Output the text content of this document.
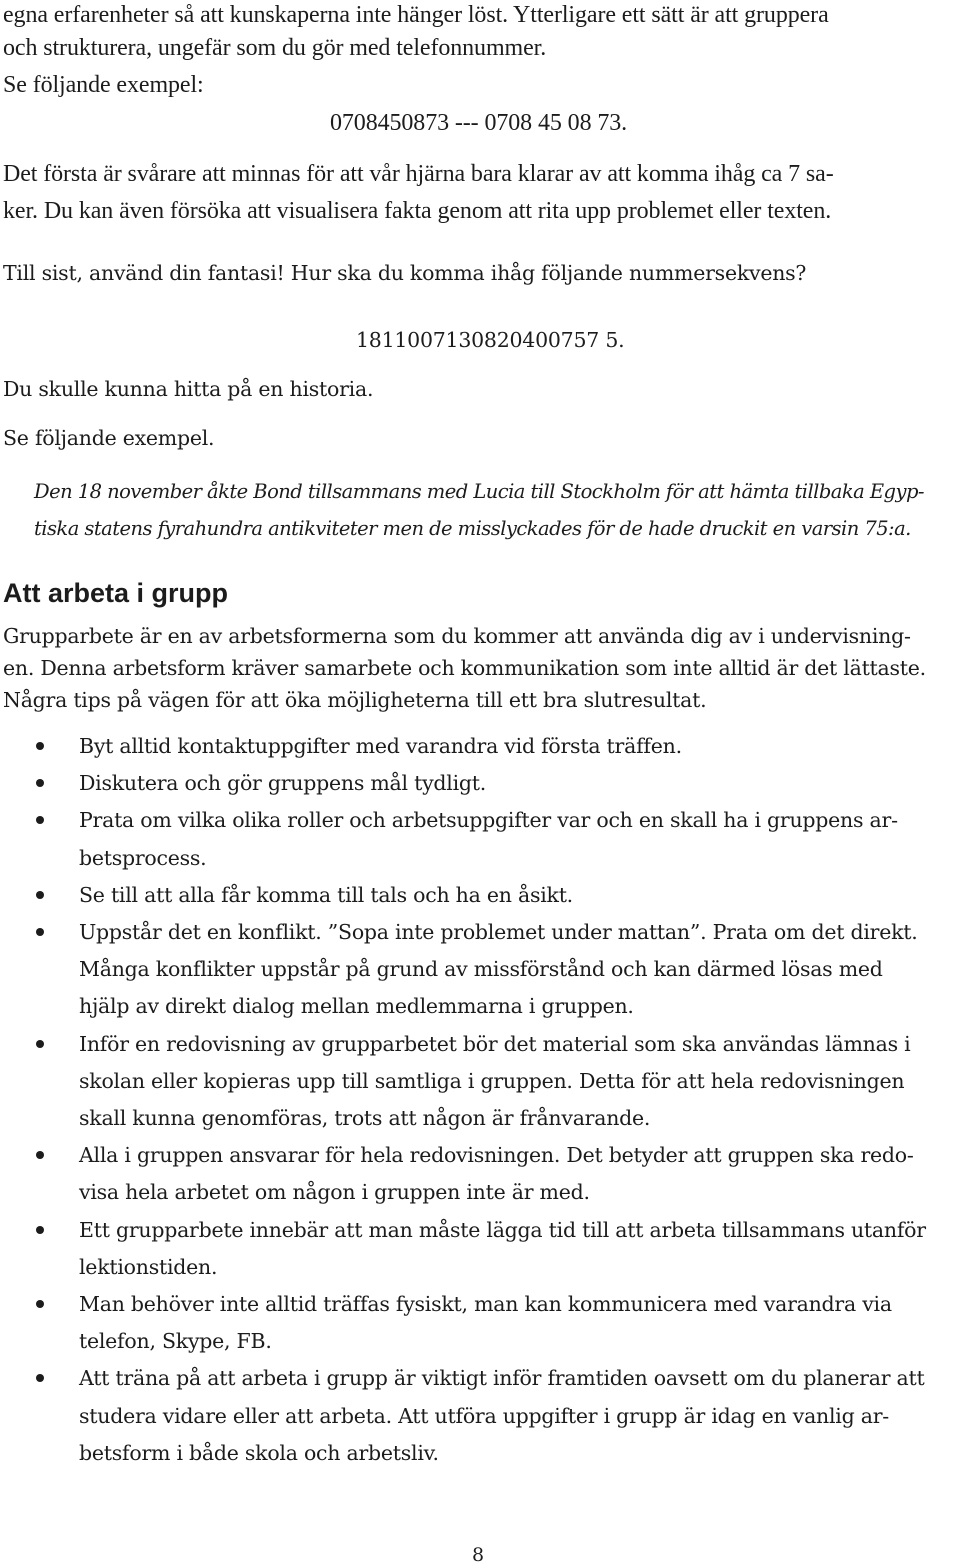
egna erfarenheter så att kunskaperna inte hänger löst. Ytterligare ett sätt är att gruppera
och strukturera, ungefär som du gör med telefonnummer.
Se följande exempel:
0708450873 --- 0708 45 08 73.
Det första är svårare att minnas för att vår hjärna bara klarar av att komma ihåg ca 7 sa-
ker. Du kan även försöka att visualisera fakta genom att rita upp problemet eller texten.
Till sist, använd din fantasi! Hur ska du komma ihåg följande nummersekvens?
1811007130820400757 5.
Du skulle kunna hitta på en historia.
Se följande exempel.
Den 18 november åkte Bond tillsammans med Lucia till Stockholm för att hämta tillbaka Egyp-
tiska statens fyrahundra antikviteter men de misslyckades för de hade druckit en varsin 75:a.
Att arbeta i grupp
Grupparbete är en av arbetsformerna som du kommer att använda dig av i undervisning-
en. Denna arbetsform kräver samarbete och kommunikation som inte alltid är det lättaste.
Några tips på vägen för att öka möjligheterna till ett bra slutresultat.
Byt alltid kontaktuppgifter med varandra vid första träffen.
Diskutera och gör gruppens mål tydligt.
Prata om vilka olika roller och arbetsuppgifter var och en skall ha i gruppens ar-
betsprocess.
Se till att alla får komma till tals och ha en åsikt.
Uppstår det en konflikt. ”Sopa inte problemet under mattan”. Prata om det direkt.
Många konflikter uppstår på grund av missförstånd och kan därmed lösas med
hjälp av direkt dialog mellan medlemmarna i gruppen.
Inför en redovisning av grupparbetet bör det material som ska användas lämnas i
skolan eller kopieras upp till samtliga i gruppen. Detta för att hela redovisningen
skall kunna genomföras, trots att någon är frånvarande.
Alla i gruppen ansvarar för hela redovisningen. Det betyder att gruppen ska redo-
visa hela arbetet om någon i gruppen inte är med.
Ett grupparbete innebär att man måste lägga tid till att arbeta tillsammans utanför
lektionstiden.
Man behöver inte alltid träffas fysiskt, man kan kommunicera med varandra via
telefon, Skype, FB.
Att träna på att arbeta i grupp är viktigt inför framtiden oavsett om du planerar att
studera vidare eller att arbeta. Att utföra uppgifter i grupp är idag en vanlig ar-
betsform i både skola och arbetsliv.
8
